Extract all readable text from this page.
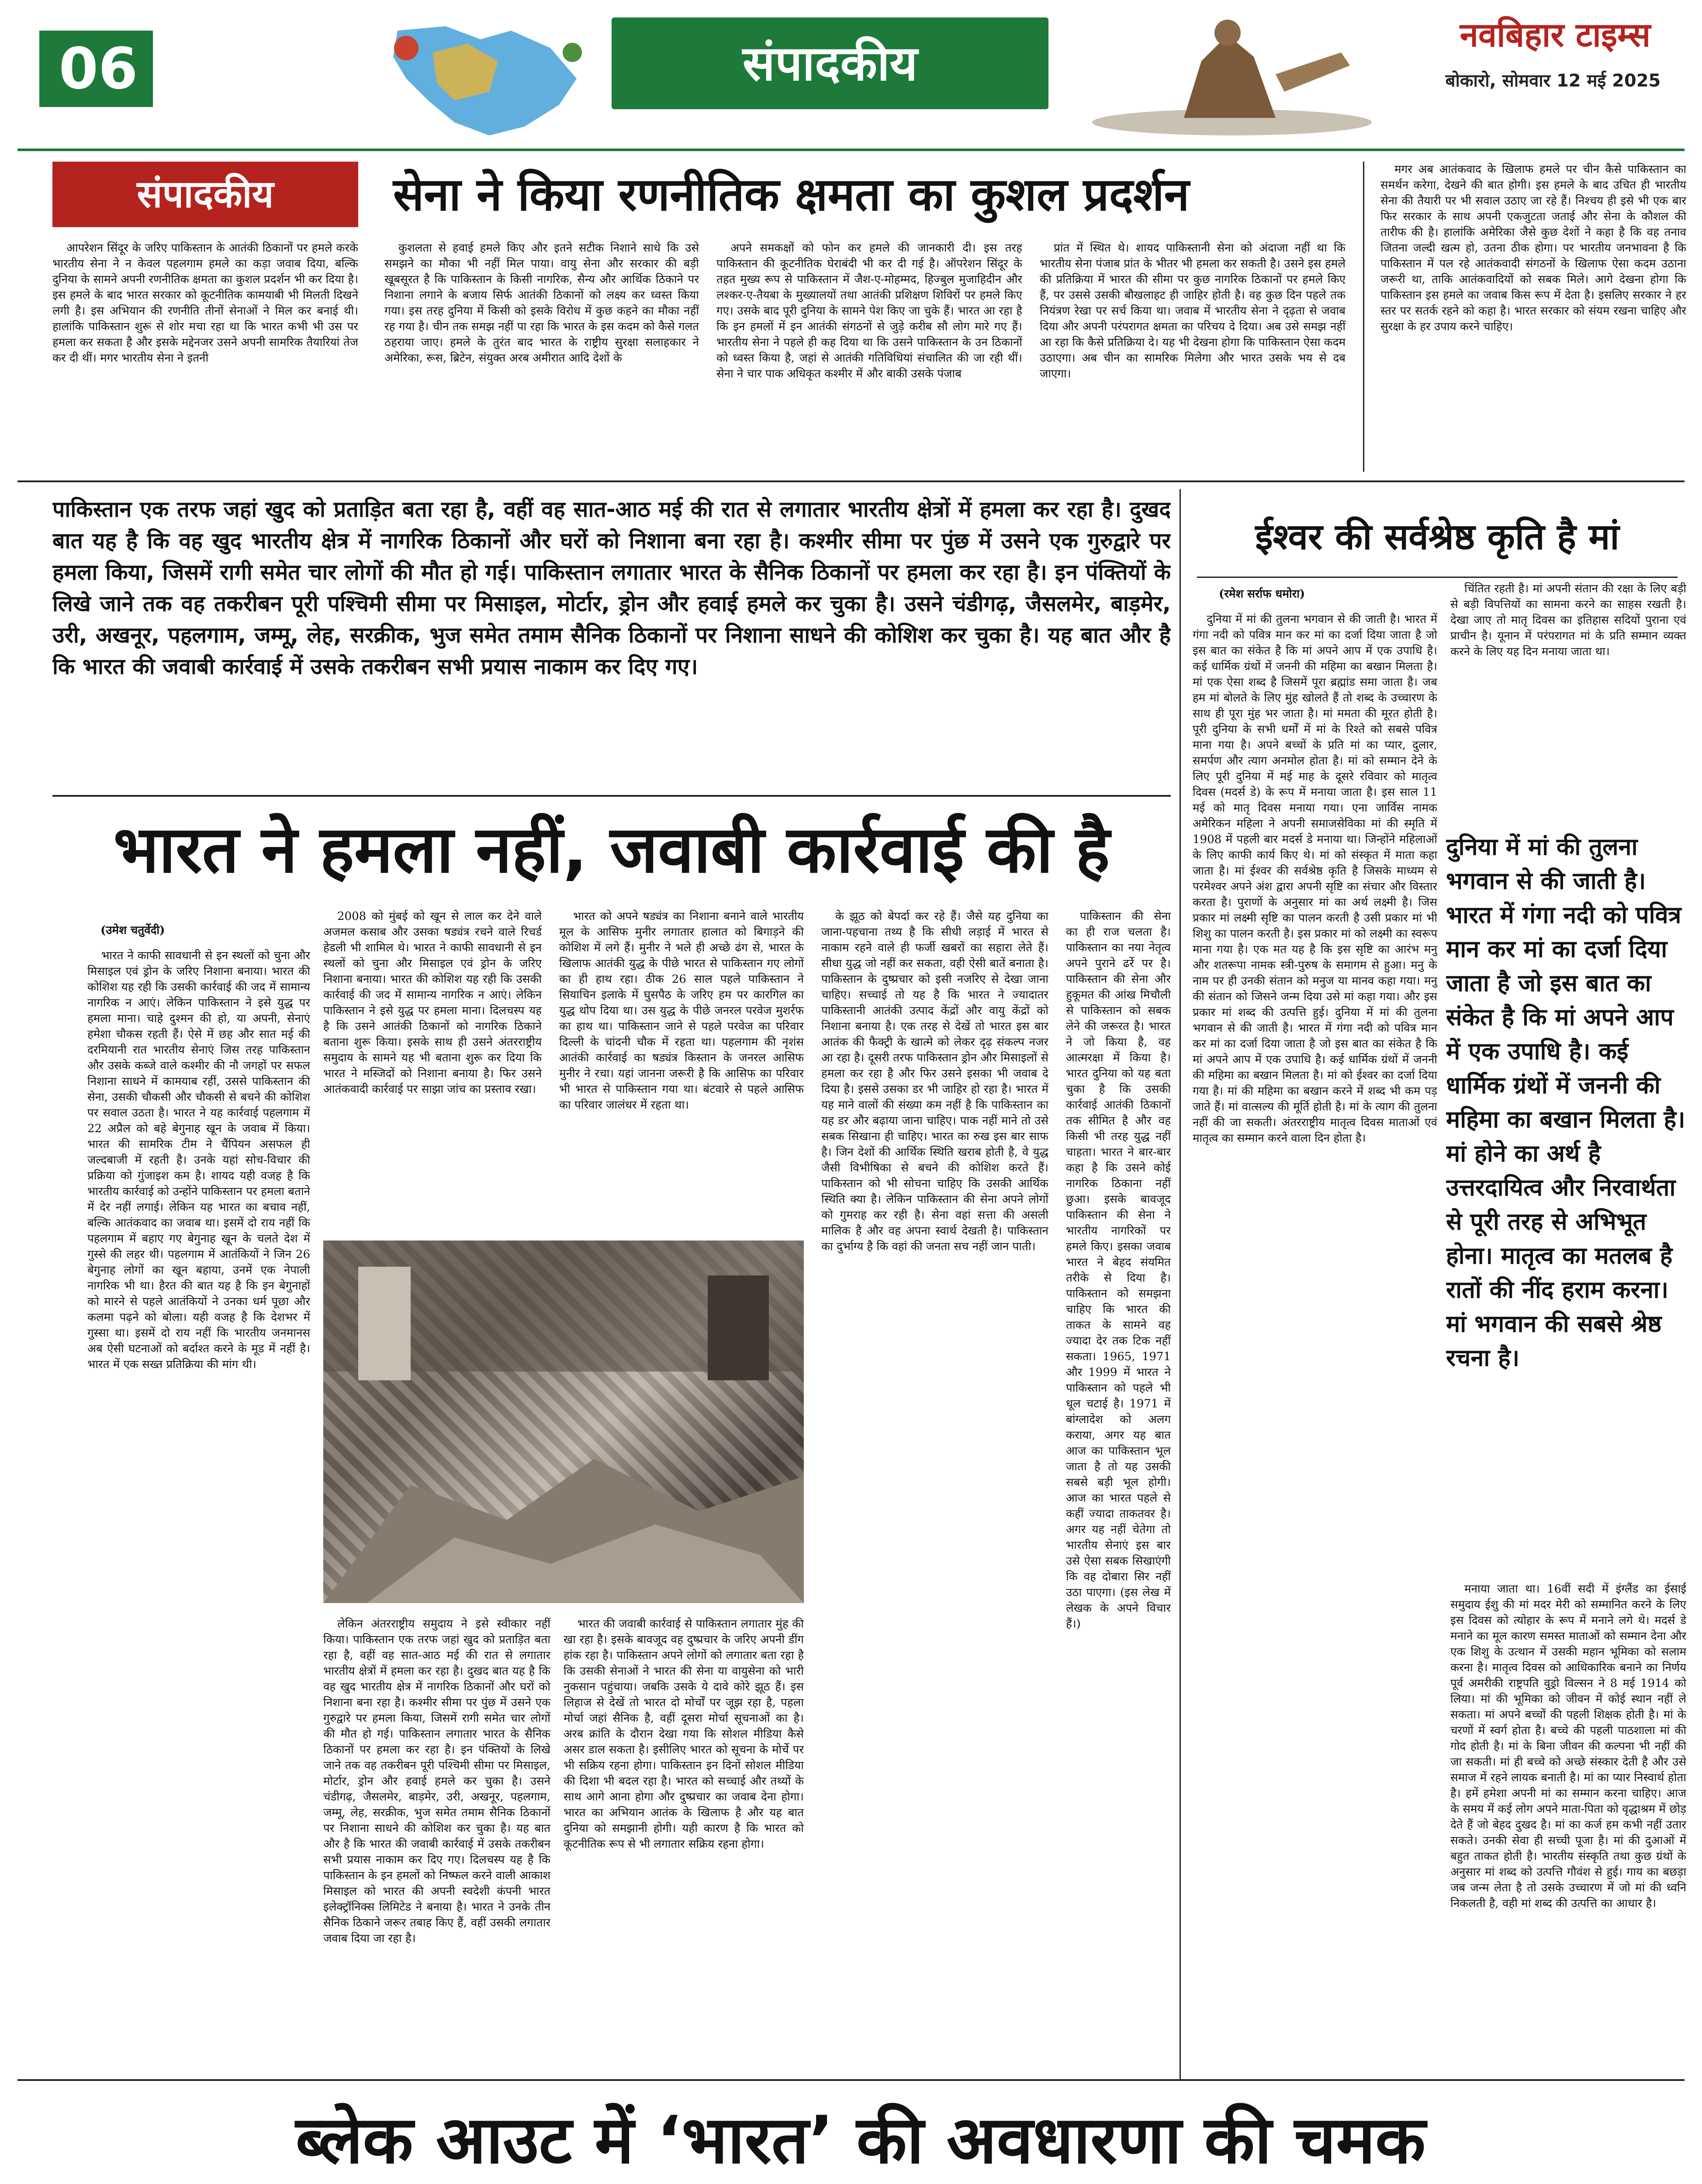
06	संपादकीय
नवबिहार टाइम्स
बोकारो, सोमवार 12 मई 2025
संपादकीय	सेना ने किया रणनीतिक क्षमता का कुशल प्रदर्शन

आपरेशन सिंदूर के जरिए पाकिस्तान के आतंकी ठिकानों पर हमले करके भारतीय सेना ने न केवल पहलगाम हमले का कड़ा जवाब दिया, बल्कि दुनिया के सामने अपनी रणनीतिक क्षमता का कुशल प्रदर्शन भी कर दिया है। इस हमले के बाद भारत सरकार को कूटनीतिक कामयाबी भी मिलती दिखने लगी है। इस अभियान की रणनीति तीनों सेनाओं ने मिल कर बनाई थी। हालांकि पाकिस्तान शुरू से शोर मचा रहा था कि भारत कभी भी उस पर हमला कर सकता है और इसके मद्देनजर उसने अपनी सामरिक तैयारियां तेज कर दी थीं। मगर भारतीय सेना ने इतनी

कुशलता से हवाई हमले किए और इतने सटीक निशाने साधे कि उसे समझने का मौका भी नहीं मिल पाया। वायु सेना और सरकार की बड़ी खूबसूरत है कि पाकिस्तान के किसी नागरिक, सैन्य और आर्थिक ठिकाने पर निशाना लगाने के बजाय सिर्फ आतंकी ठिकानों को लक्ष्य कर ध्वस्त किया गया। इस तरह दुनिया में किसी को इसके विरोध में कुछ कहने का मौका नहीं रह गया है। चीन तक समझ नहीं पा रहा कि भारत के इस कदम को कैसे गलत ठहराया जाए। हमले के तुरंत बाद भारत के राष्ट्रीय सुरक्षा सलाहकार ने अमेरिका, रूस, ब्रिटेन, संयुक्त अरब अमीरात आदि देशों के

अपने समकक्षों को फोन कर हमले की जानकारी दी। इस तरह पाकिस्तान की कूटनीतिक घेराबंदी भी कर दी गई है। ऑपरेशन सिंदूर के तहत मुख्य रूप से पाकिस्तान में जैश-ए-मोहम्मद, हिज्बुल मुजाहिदीन और लश्कर-ए-तैयबा के मुख्यालयों तथा आतंकी प्रशिक्षण शिविरों पर हमले किए गए। उसके बाद पूरी दुनिया के सामने पेश किए जा चुके हैं। भारत आ रहा है कि इन हमलों में इन आतंकी संगठनों से जुड़े करीब सौ लोग मारे गए हैं। भारतीय सेना ने पहले ही कह दिया था कि उसने पाकिस्तान के उन ठिकानों को ध्वस्त किया है, जहां से आतंकी गतिविधियां संचालित की जा रही थीं। सेना ने चार पाक अधिकृत कश्मीर में और बाकी उसके पंजाब

प्रांत में स्थित थे। शायद पाकिस्तानी सेना को अंदाजा नहीं था कि भारतीय सेना पंजाब प्रांत के भीतर भी हमला कर सकती है। उसने इस हमले की प्रतिक्रिया में भारत की सीमा पर कुछ नागरिक ठिकानों पर हमले किए हैं, पर उससे उसकी बौखलाहट ही जाहिर होती है। वह कुछ दिन पहले तक नियंत्रण रेखा पर सर्च किया था। जवाब में भारतीय सेना ने दृढ़ता से जवाब दिया और अपनी परंपरागत क्षमता का परिचय दे दिया। अब उसे समझ नहीं आ रहा कि कैसे प्रतिक्रिया दे। यह भी देखना होगा कि पाकिस्तान ऐसा कदम उठाएगा। अब चीन का सामरिक मिलेगा और भारत उसके भय से दब जाएगा।

मगर अब आतंकवाद के खिलाफ हमले पर चीन कैसे पाकिस्तान का समर्थन करेगा, देखने की बात होगी। इस हमले के बाद उचित ही भारतीय सेना की तैयारी पर भी सवाल उठाए जा रहे हैं। निश्चय ही इसे भी एक बार फिर सरकार के साथ अपनी एकजुटता जताई और सेना के कौशल की तारीफ की है। हालांकि अमेरिका जैसे कुछ देशों ने कहा है कि वह तनाव जितना जल्दी खत्म हो, उतना ठीक होगा। पर भारतीय जनभावना है कि पाकिस्तान में पल रहे आतंकवादी संगठनों के खिलाफ ऐसा कदम उठाना जरूरी था, ताकि आतंकवादियों को सबक मिले। आगे देखना होगा कि पाकिस्तान इस हमले का जवाब किस रूप में देता है। इसलिए सरकार ने हर स्तर पर सतर्क रहने को कहा है। भारत सरकार को संयम रखना चाहिए और सुरक्षा के हर उपाय करने चाहिए।

पाकिस्तान एक तरफ जहां खुद को प्रताड़ित बता रहा है, वहीं वह सात-आठ मई की रात से लगातार भारतीय क्षेत्रों में हमला कर रहा है। दुखद बात यह है कि वह खुद भारतीय क्षेत्र में नागरिक ठिकानों और घरों को निशाना बना रहा है। कश्मीर सीमा पर पुंछ में उसने एक गुरुद्वारे पर हमला किया, जिसमें रागी समेत चार लोगों की मौत हो गई। पाकिस्तान लगातार भारत के सैनिक ठिकानों पर हमला कर रहा है। इन पंक्तियों के लिखे जाने तक वह तकरीबन पूरी पश्चिमी सीमा पर मिसाइल, मोर्टार, ड्रोन और हवाई हमले कर चुका है। उसने चंडीगढ़, जैसलमेर, बाड़मेर, उरी, अखनूर, पहलगाम, जम्मू, लेह, सरक्रीक, भुज समेत तमाम सैनिक ठिकानों पर निशाना साधने की कोशिश कर चुका है। यह बात और है कि भारत की जवाबी कार्रवाई में उसके तकरीबन सभी प्रयास नाकाम कर दिए गए।
भारत ने हमला नहीं, जवाबी कार्रवाई की है
(उमेश चतुर्वेदी)

भारत ने काफी सावधानी से इन स्थलों को चुना और मिसाइल एवं ड्रोन के जरिए निशाना बनाया। भारत की कोशिश यह रही कि उसकी कार्रवाई की जद में सामान्य नागरिक न आएं। लेकिन पाकिस्तान ने इसे युद्ध पर हमला माना। चाहे दुश्मन की हो, या अपनी, सेनाएं हमेशा चौकस रहती हैं। ऐसे में छह और सात मई की दरमियानी रात भारतीय सेनाएं जिस तरह पाकिस्तान और उसके कब्जे वाले कश्मीर की नौ जगहों पर सफल निशाना साधने में कामयाब रहीं, उससे पाकिस्तान की सेना, उसकी चौकसी और चौकसी से बचने की कोशिश पर सवाल उठता है। भारत ने यह कार्रवाई पहलगाम में 22 अप्रैल को बहे बेगुनाह खून के जवाब में किया। भारत की सामरिक टीम ने चैंपियन असफल ही जल्दबाजी में रहती है। उनके यहां सोच-विचार की प्रक्रिया को गुंजाइश कम है। शायद यही वजह है कि भारतीय कार्रवाई को उन्होंने पाकिस्तान पर हमला बताने में देर नहीं लगाई। लेकिन यह भारत का बचाव नहीं, बल्कि आतंकवाद का जवाब था। इसमें दो राय नहीं कि पहलगाम में बहाए गए बेगुनाह खून के चलते देश में गुस्से की लहर थी। पहलगाम में आतंकियों ने जिन 26 बेगुनाह लोगों का खून बहाया, उनमें एक नेपाली नागरिक भी था। हैरत की बात यह है कि इन बेगुनाहों को मारने से पहले आतंकियों ने उनका धर्म पूछा और कलमा पढ़ने को बोला। यही वजह है कि देशभर में गुस्सा था। इसमें दो राय नहीं कि भारतीय जनमानस अब ऐसी घटनाओं को बर्दाश्त करने के मूड में नहीं है। भारत में एक सख्त प्रतिक्रिया की मांग थी।

2008 को मुंबई को खून से लाल कर देने वाले अजमल कसाब और उसका षड्यंत्र रचने वाले रिचर्ड हेडली भी शामिल थे। भारत ने काफी सावधानी से इन स्थलों को चुना और मिसाइल एवं ड्रोन के जरिए निशाना बनाया। भारत की कोशिश यह रही कि उसकी कार्रवाई की जद में सामान्य नागरिक न आएं। लेकिन पाकिस्तान ने इसे युद्ध पर हमला माना। दिलचस्प यह है कि उसने आतंकी ठिकानों को नागरिक ठिकाने बताना शुरू किया। इसके साथ ही उसने अंतरराष्ट्रीय समुदाय के सामने यह भी बताना शुरू कर दिया कि भारत ने मस्जिदों को निशाना बनाया है। फिर उसने आतंकवादी कार्रवाई पर साझा जांच का प्रस्ताव रखा।

भारत को अपने षड्यंत्र का निशाना बनाने वाले भारतीय मूल के आसिफ मुनीर लगातार हालात को बिगाड़ने की कोशिश में लगे हैं। मुनीर ने भले ही अच्छे ढंग से, भारत के खिलाफ आतंकी युद्ध के पीछे भारत से पाकिस्तान गए लोगों का ही हाथ रहा। ठीक 26 साल पहले पाकिस्तान ने सियाचिन इलाके में घुसपैठ के जरिए हम पर कारगिल का युद्ध थोप दिया था। उस युद्ध के पीछे जनरल परवेज मुशर्रफ का हाथ था। पाकिस्तान जाने से पहले परवेज का परिवार दिल्ली के चांदनी चौक में रहता था। पहलगाम की नृशंस आतंकी कार्रवाई का षड्यंत्र किस्तान के जनरल आसिफ मुनीर ने रचा। यहां जानना जरूरी है कि आसिफ का परिवार भी भारत से पाकिस्तान गया था। बंटवारे से पहले आसिफ का परिवार जालंधर में रहता था।

लेकिन अंतरराष्ट्रीय समुदाय ने इसे स्वीकार नहीं किया। पाकिस्तान एक तरफ जहां खुद को प्रताड़ित बता रहा है, वहीं वह सात-आठ मई की रात से लगातार भारतीय क्षेत्रों में हमला कर रहा है। दुखद बात यह है कि वह खुद भारतीय क्षेत्र में नागरिक ठिकानों और घरों को निशाना बना रहा है। कश्मीर सीमा पर पुंछ में उसने एक गुरुद्वारे पर हमला किया, जिसमें रागी समेत चार लोगों की मौत हो गई। पाकिस्तान लगातार भारत के सैनिक ठिकानों पर हमला कर रहा है। इन पंक्तियों के लिखे जाने तक वह तकरीबन पूरी पश्चिमी सीमा पर मिसाइल, मोर्टार, ड्रोन और हवाई हमले कर चुका है। उसने चंडीगढ़, जैसलमेर, बाड़मेर, उरी, अखनूर, पहलगाम, जम्मू, लेह, सरक्रीक, भुज समेत तमाम सैनिक ठिकानों पर निशाना साधने की कोशिश कर चुका है। यह बात और है कि भारत की जवाबी कार्रवाई में उसके तकरीबन सभी प्रयास नाकाम कर दिए गए। दिलचस्प यह है कि पाकिस्तान के इन हमलों को निष्फल करने वाली आकाश मिसाइल को भारत की अपनी स्वदेशी कंपनी भारत इलेक्ट्रॉनिक्स लिमिटेड ने बनाया है। भारत ने उनके तीन सैनिक ठिकाने जरूर तबाह किए हैं, वहीं उसकी लगातार जवाब दिया जा रहा है।

भारत की जवाबी कार्रवाई से पाकिस्तान लगातार मुंह की खा रहा है। इसके बावजूद वह दुष्प्रचार के जरिए अपनी डींग हांक रहा है। पाकिस्तान अपने लोगों को लगातार बता रहा है कि उसकी सेनाओं ने भारत की सेना या वायुसेना को भारी नुकसान पहुंचाया। जबकि उसके ये दावे कोरे झूठ हैं। इस लिहाज से देखें तो भारत दो मोर्चों पर जूझ रहा है, पहला मोर्चा जहां सैनिक है, वहीं दूसरा मोर्चा सूचनाओं का है। अरब क्रांति के दौरान देखा गया कि सोशल मीडिया कैसे असर डाल सकता है। इसीलिए भारत को सूचना के मोर्चे पर भी सक्रिय रहना होगा। पाकिस्तान इन दिनों सोशल मीडिया की दिशा भी बदल रहा है। भारत को सच्चाई और तथ्यों के साथ आगे आना होगा और दुष्प्रचार का जवाब देना होगा। भारत का अभियान आतंक के खिलाफ है और यह बात दुनिया को समझानी होगी। यही कारण है कि भारत को कूटनीतिक रूप से भी लगातार सक्रिय रहना होगा।

के झूठ को बेपर्दा कर रहे हैं। जैसे यह दुनिया का जाना-पहचाना तथ्य है कि सीधी लड़ाई में भारत से नाकाम रहने वाले ही फर्जी खबरों का सहारा लेते हैं। सीधा युद्ध जो नहीं कर सकता, वही ऐसी बातें बनाता है। पाकिस्तान के दुष्प्रचार को इसी नजरिए से देखा जाना चाहिए। सच्चाई तो यह है कि भारत ने ज्यादातर पाकिस्तानी आतंकी उत्पाद केंद्रों और वायु केंद्रों को निशाना बनाया है। एक तरह से देखें तो भारत इस बार आतंक की फैक्ट्री के खात्मे को लेकर दृढ़ संकल्प नजर आ रहा है। दूसरी तरफ पाकिस्तान ड्रोन और मिसाइलों से हमला कर रहा है और फिर उसने इसका भी जवाब दे दिया है। इससे उसका डर भी जाहिर हो रहा है। भारत में यह माने वालों की संख्या कम नहीं है कि पाकिस्तान का यह डर और बढ़ाया जाना चाहिए। पाक नहीं माने तो उसे सबक सिखाना ही चाहिए। भारत का रुख इस बार साफ है। जिन देशों की आर्थिक स्थिति खराब होती है, वे युद्ध जैसी विभीषिका से बचने की कोशिश करते हैं। पाकिस्तान को भी सोचना चाहिए कि उसकी आर्थिक स्थिति क्या है। लेकिन पाकिस्तान की सेना अपने लोगों को गुमराह कर रही है। सेना वहां सत्ता की असली मालिक है और वह अपना स्वार्थ देखती है। पाकिस्तान का दुर्भाग्य है कि वहां की जनता सच नहीं जान पाती।

पाकिस्तान की सेना का ही राज चलता है। पाकिस्तान का नया नेतृत्व अपने पुराने ढर्रे पर है। पाकिस्तान की सेना और हुकूमत की आंख मिचौली से पाकिस्तान को सबक लेने की जरूरत है। भारत ने जो किया है, वह आत्मरक्षा में किया है। भारत दुनिया को यह बता चुका है कि उसकी कार्रवाई आतंकी ठिकानों तक सीमित है और वह किसी भी तरह युद्ध नहीं चाहता। भारत ने बार-बार कहा है कि उसने कोई नागरिक ठिकाना नहीं छुआ। इसके बावजूद पाकिस्तान की सेना ने भारतीय नागरिकों पर हमले किए। इसका जवाब भारत ने बेहद संयमित तरीके से दिया है। पाकिस्तान को समझना चाहिए कि भारत की ताकत के सामने वह ज्यादा देर तक टिक नहीं सकता। 1965, 1971 और 1999 में भारत ने पाकिस्तान को पहले भी धूल चटाई है। 1971 में बांग्लादेश को अलग कराया, अगर यह बात आज का पाकिस्तान भूल जाता है तो यह उसकी सबसे बड़ी भूल होगी। आज का भारत पहले से कहीं ज्यादा ताकतवर है। अगर यह नहीं चेतेगा तो भारतीय सेनाएं इस बार उसे ऐसा सबक सिखाएंगी कि वह दोबारा सिर नहीं उठा पाएगा। (इस लेख में लेखक के अपने विचार हैं।)

ईश्वर की सर्वश्रेष्ठ कृति है मां
(रमेश सर्राफ धमोरा)

दुनिया में मां की तुलना भगवान से की जाती है। भारत में गंगा नदी को पवित्र मान कर मां का दर्जा दिया जाता है जो इस बात का संकेत है कि मां अपने आप में एक उपाधि है। कई धार्मिक ग्रंथों में जननी की महिमा का बखान मिलता है। मां एक ऐसा शब्द है जिसमें पूरा ब्रह्मांड समा जाता है। जब हम मां बोलते के लिए मुंह खोलते हैं तो शब्द के उच्चारण के साथ ही पूरा मुंह भर जाता है। मां ममता की मूरत होती है। पूरी दुनिया के सभी धर्मों में मां के रिश्ते को सबसे पवित्र माना गया है। अपने बच्चों के प्रति मां का प्यार, दुलार, समर्पण और त्याग अनमोल होता है। मां को सम्मान देने के लिए पूरी दुनिया में मई माह के दूसरे रविवार को मातृत्व दिवस (मदर्स डे) के रूप में मनाया जाता है। इस साल 11 मई को मातृ दिवस मनाया गया। एना जार्विस नामक अमेरिकन महिला ने अपनी समाजसेविका मां की स्मृति में 1908 में पहली बार मदर्स डे मनाया था। जिन्होंने महिलाओं के लिए काफी कार्य किए थे। मां को संस्कृत में माता कहा जाता है। मां ईश्वर की सर्वश्रेष्ठ कृति है जिसके माध्यम से परमेश्वर अपने अंश द्वारा अपनी सृष्टि का संचार और विस्तार करता है। पुराणों के अनुसार मां का अर्थ लक्ष्मी है। जिस प्रकार मां लक्ष्मी सृष्टि का पालन करती है उसी प्रकार मां भी शिशु का पालन करती है। इस प्रकार मां को लक्ष्मी का स्वरूप माना गया है। एक मत यह है कि इस सृष्टि का आरंभ मनु और शतरूपा नामक स्त्री-पुरुष के समागम से हुआ। मनु के नाम पर ही उनकी संतान को मनुज या मानव कहा गया। मनु की संतान को जिसने जन्म दिया उसे मां कहा गया। और इस प्रकार मां शब्द की उत्पत्ति हुई। दुनिया में मां की तुलना भगवान से की जाती है। भारत में गंगा नदी को पवित्र मान कर मां का दर्जा दिया जाता है जो इस बात का संकेत है कि मां अपने आप में एक उपाधि है। कई धार्मिक ग्रंथों में जननी की महिमा का बखान मिलता है। मां को ईश्वर का दर्जा दिया गया है। मां की महिमा का बखान करने में शब्द भी कम पड़ जाते हैं। मां वात्सल्य की मूर्ति होती है। मां के त्याग की तुलना नहीं की जा सकती। अंतरराष्ट्रीय मातृत्व दिवस माताओं एवं मातृत्व का सम्मान करने वाला दिन होता है।

चिंतित रहती है। मां अपनी संतान की रक्षा के लिए बड़ी से बड़ी विपत्तियों का सामना करने का साहस रखती है। देखा जाए तो मातृ दिवस का इतिहास सदियों पुराना एवं प्राचीन है। यूनान में परंपरागत मां के प्रति सम्मान व्यक्त करने के लिए यह दिन मनाया जाता था।

दुनिया में मां की तुलना भगवान से की जाती है। भारत में गंगा नदी को पवित्र मान कर मां का दर्जा दिया जाता है जो इस बात का संकेत है कि मां अपने आप में एक उपाधि है। कई धार्मिक ग्रंथों में जननी की महिमा का बखान मिलता है। मां होने का अर्थ है उत्तरदायित्व और निरवार्थता से पूरी तरह से अभिभूत होना। मातृत्व का मतलब है रातों की नींद हराम करना। मां भगवान की सबसे श्रेष्ठ रचना है।

मनाया जाता था। 16वीं सदी में इंग्लैंड का ईसाई समुदाय ईशु की मां मदर मेरी को सम्मानित करने के लिए इस दिवस को त्योहार के रूप में मनाने लगे थे। मदर्स डे मनाने का मूल कारण समस्त माताओं को सम्मान देना और एक शिशु के उत्थान में उसकी महान भूमिका को सलाम करना है। मातृत्व दिवस को आधिकारिक बनाने का निर्णय पूर्व अमरीकी राष्ट्रपति वुड्रो विल्सन ने 8 मई 1914 को लिया। मां की भूमिका को जीवन में कोई स्थान नहीं ले सकता। मां अपने बच्चों की पहली शिक्षक होती है। मां के चरणों में स्वर्ग होता है। बच्चे की पहली पाठशाला मां की गोद होती है। मां के बिना जीवन की कल्पना भी नहीं की जा सकती। मां ही बच्चे को अच्छे संस्कार देती है और उसे समाज में रहने लायक बनाती है। मां का प्यार निस्वार्थ होता है। हमें हमेशा अपनी मां का सम्मान करना चाहिए। आज के समय में कई लोग अपने माता-पिता को वृद्धाश्रम में छोड़ देते हैं जो बेहद दुखद है। मां का कर्ज हम कभी नहीं उतार सकते। उनकी सेवा ही सच्ची पूजा है। मां की दुआओं में बहुत ताकत होती है। भारतीय संस्कृति तथा कुछ ग्रंथों के अनुसार मां शब्द को उत्पत्ति गौवंश से हुई। गाय का बछड़ा जब जन्म लेता है तो उसके उच्चारण में जो मां की ध्वनि निकलती है, वही मां शब्द की उत्पत्ति का आधार है।

ब्लेक आउट में ‘भारत’ की अवधारणा की चमक
